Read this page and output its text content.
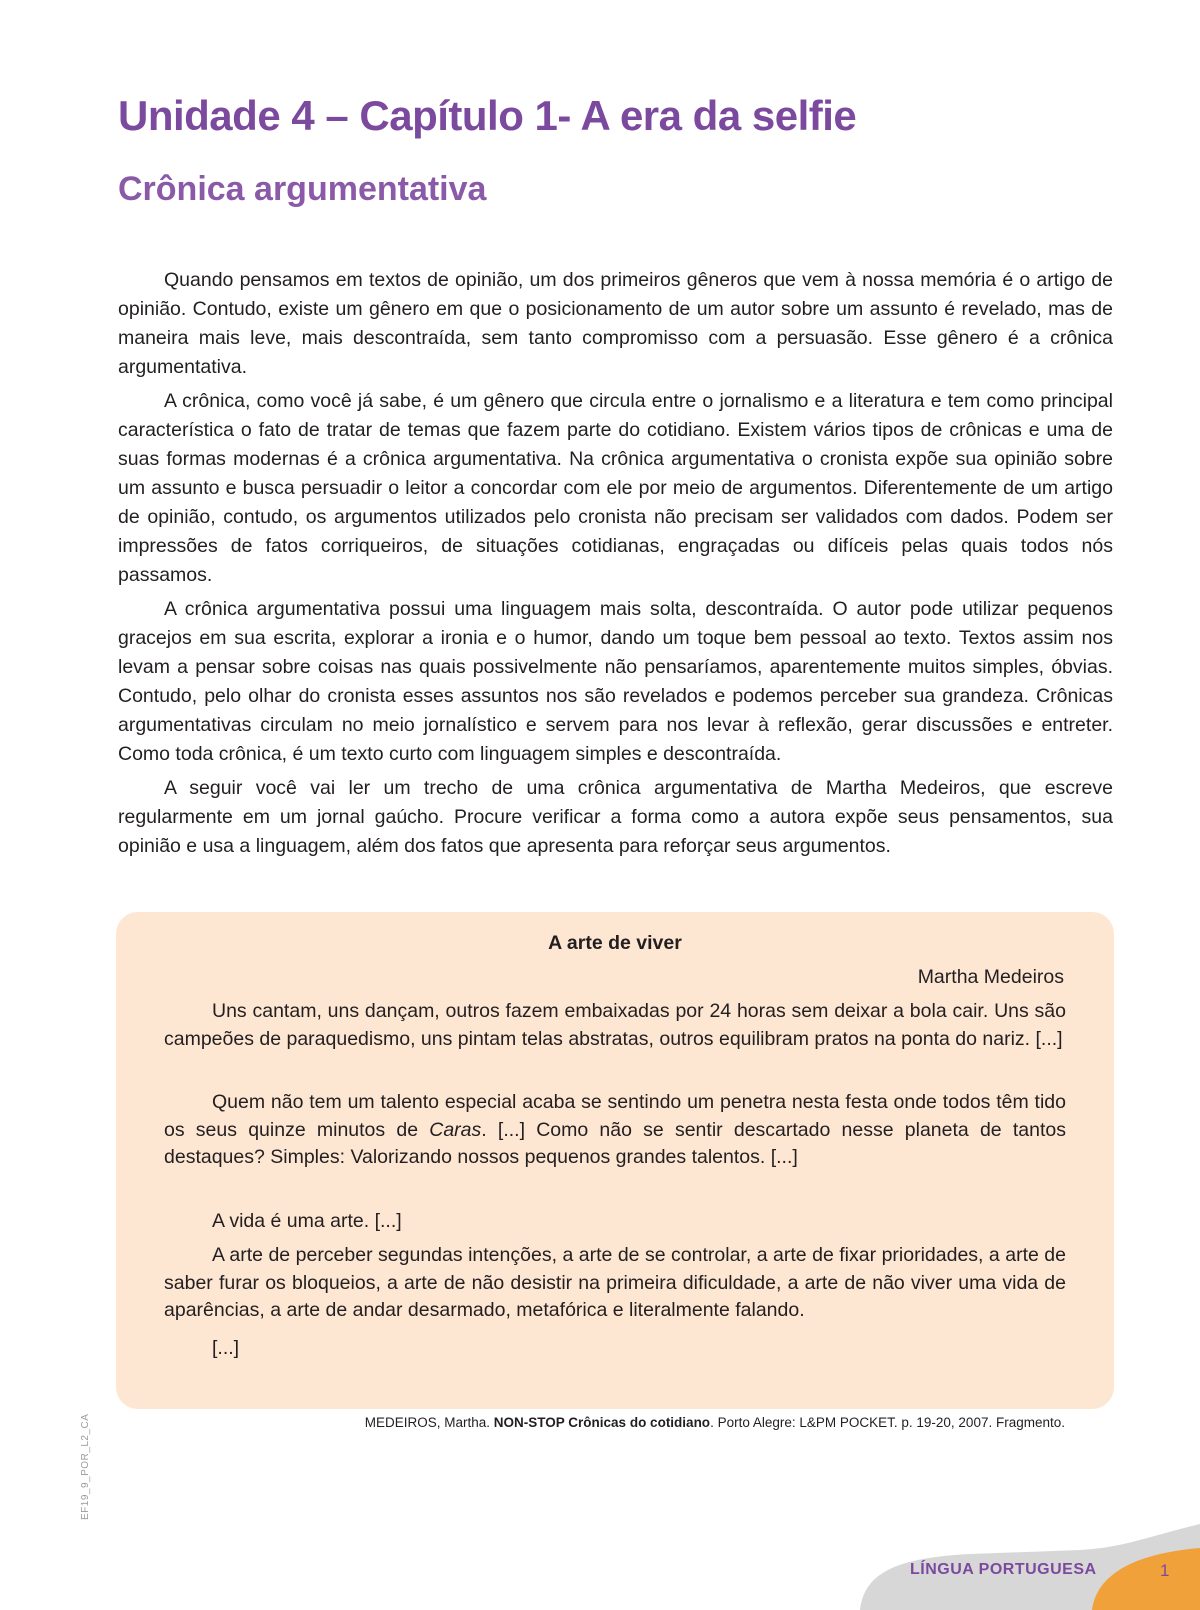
Unidade 4 – Capítulo 1- A era da selfie
Crônica argumentativa

Quando pensamos em textos de opinião, um dos primeiros gêneros que vem à nossa memória é o artigo de opinião. Contudo, existe um gênero em que o posicionamento de um autor sobre um assunto é revelado, mas de maneira mais leve, mais descontraída, sem tanto compromisso com a persuasão. Esse gênero é a crônica argumentativa.

A crônica, como você já sabe, é um gênero que circula entre o jornalismo e a literatura e tem como principal característica o fato de tratar de temas que fazem parte do cotidiano. Existem vários tipos de crônicas e uma de suas formas modernas é a crônica argumentativa. Na crônica argumentativa o cronista expõe sua opinião sobre um assunto e busca persuadir o leitor a concordar com ele por meio de argumentos. Diferentemente de um artigo de opinião, contudo, os argumentos utilizados pelo cronista não precisam ser validados com dados. Podem ser impressões de fatos corriqueiros, de situações cotidianas, engraçadas ou difíceis pelas quais todos nós passamos.

A crônica argumentativa possui uma linguagem mais solta, descontraída. O autor pode utilizar pequenos gracejos em sua escrita, explorar a ironia e o humor, dando um toque bem pessoal ao texto. Textos assim nos levam a pensar sobre coisas nas quais possivelmente não pensaríamos, aparentemente muitos simples, óbvias. Contudo, pelo olhar do cronista esses assuntos nos são revelados e podemos perceber sua grandeza. Crônicas argumentativas circulam no meio jornalístico e servem para nos levar à reflexão, gerar discussões e entreter. Como toda crônica, é um texto curto com linguagem simples e descontraída.

A seguir você vai ler um trecho de uma crônica argumentativa de Martha Medeiros, que escreve regularmente em um jornal gaúcho. Procure verificar a forma como a autora expõe seus pensamentos, sua opinião e usa a linguagem, além dos fatos que apresenta para reforçar seus argumentos.

A arte de viver
Martha Medeiros

Uns cantam, uns dançam, outros fazem embaixadas por 24 horas sem deixar a bola cair. Uns são campeões de paraquedismo, uns pintam telas abstratas, outros equilibram pratos na ponta do nariz. [...]

Quem não tem um talento especial acaba se sentindo um penetra nesta festa onde todos têm tido os seus quinze minutos de Caras. [...] Como não se sentir descartado nesse planeta de tantos destaques? Simples: Valorizando nossos pequenos grandes talentos. [...]

A vida é uma arte. [...]

A arte de perceber segundas intenções, a arte de se controlar, a arte de fixar prioridades, a arte de saber furar os bloqueios, a arte de não desistir na primeira dificuldade, a arte de não viver uma vida de aparências, a arte de andar desarmado, metafórica e literalmente falando.

[...]

MEDEIROS, Martha. NON-STOP Crônicas do cotidiano. Porto Alegre: L&PM POCKET. p. 19-20, 2007. Fragmento.
EF19_9_POR_L2_CA
LÍNGUA PORTUGUESA	1
